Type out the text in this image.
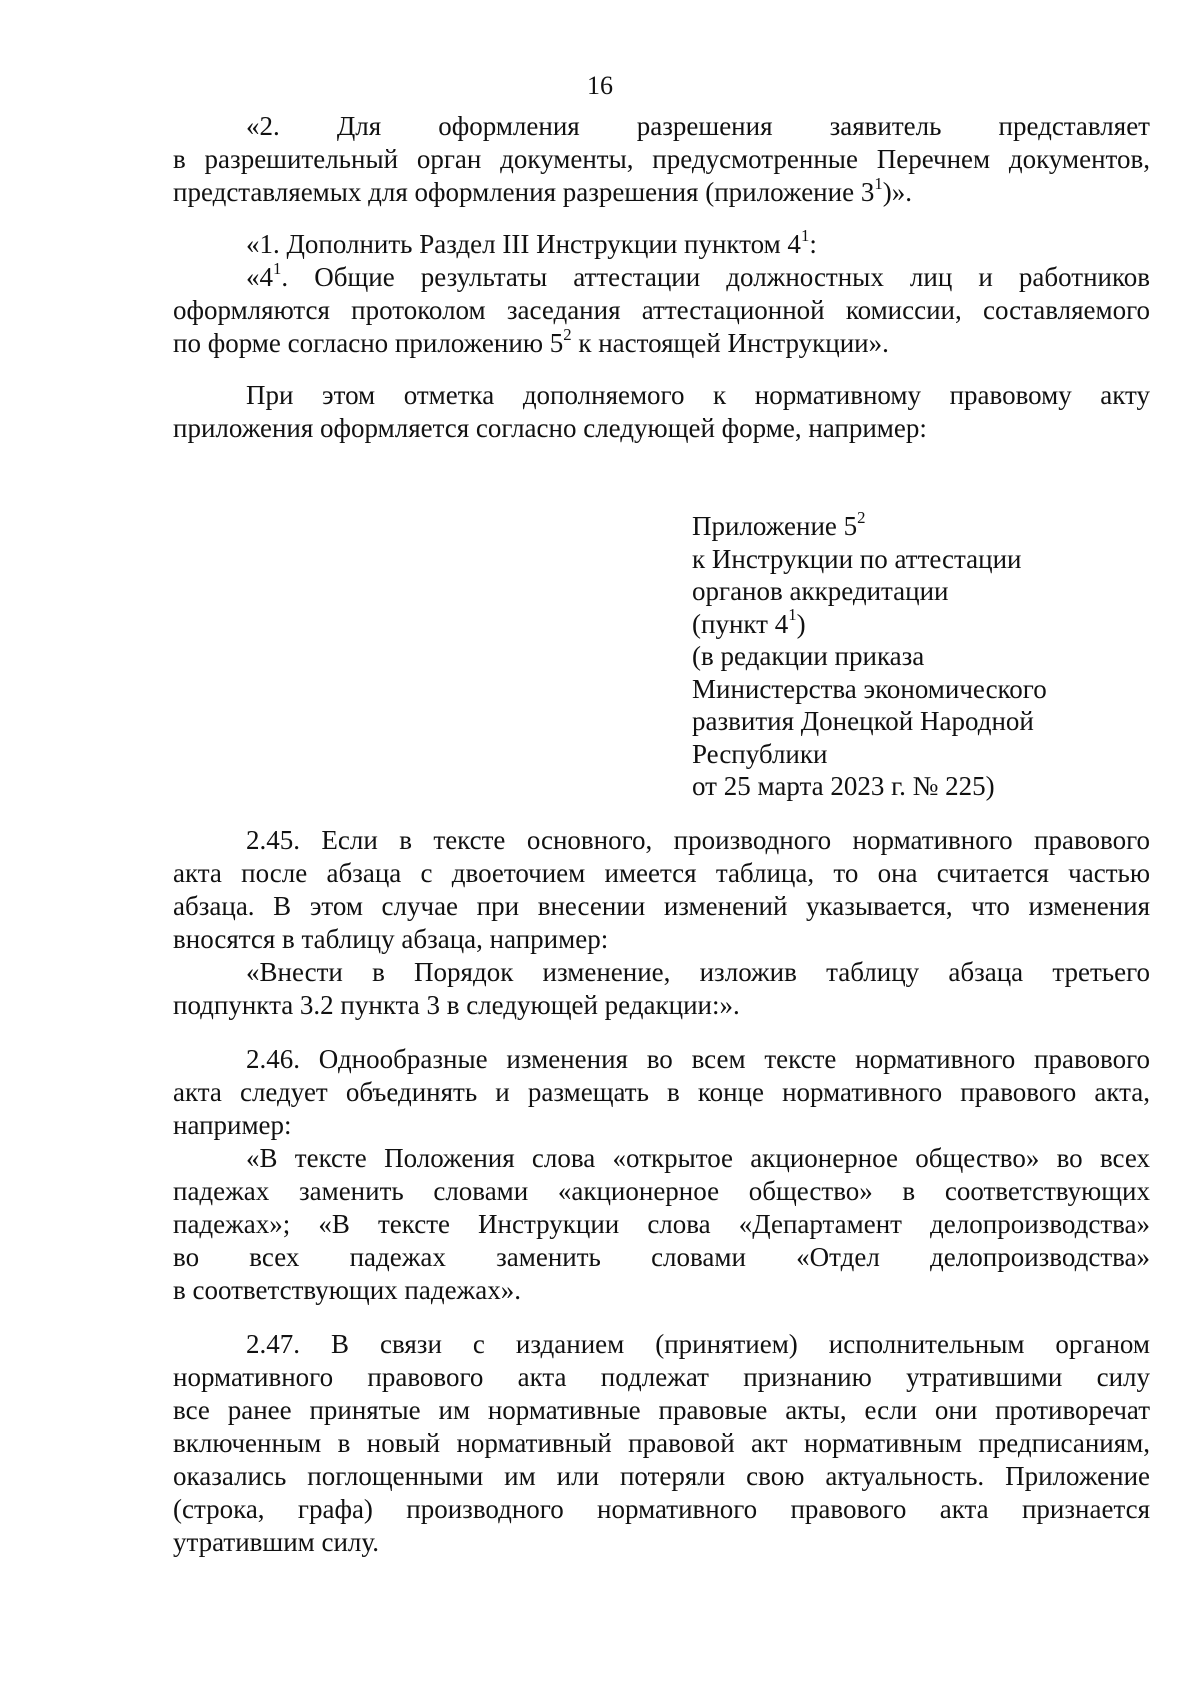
16
«2. Для оформления разрешения заявитель представляет
в разрешительный орган документы, предусмотренные Перечнем документов,
представляемых для оформления разрешения (приложение $3^1$)».
«1. Дополнить Раздел III Инструкции пунктом $4^1$:
«$4^1$. Общие результаты аттестации должностных лиц и работников
оформляются протоколом заседания аттестационной комиссии, составляемого
по форме согласно приложению $5^2$ к настоящей Инструкции».
При этом отметка дополняемого к нормативному правовому акту
приложения оформляется согласно следующей форме, например:
Приложение $5^2$
к Инструкции по аттестации
органов аккредитации
(пункт $4^1$)
(в редакции приказа
Министерства экономического
развития Донецкой Народной
Республики
от 25 марта 2023 г. № 225)
2.45. Если в тексте основного, производного нормативного правового
акта после абзаца с двоеточием имеется таблица, то она считается частью
абзаца. В этом случае при внесении изменений указывается, что изменения
вносятся в таблицу абзаца, например:
«Внести в Порядок изменение, изложив таблицу абзаца третьего
подпункта 3.2 пункта 3 в следующей редакции:».
2.46. Однообразные изменения во всем тексте нормативного правового
акта следует объединять и размещать в конце нормативного правового акта,
например:
«В тексте Положения слова «открытое акционерное общество» во всех
падежах заменить словами «акционерное общество» в соответствующих
падежах»; «В тексте Инструкции слова «Департамент делопроизводства»
во всех падежах заменить словами «Отдел делопроизводства»
в соответствующих падежах».
2.47. В связи с изданием (принятием) исполнительным органом
нормативного правового акта подлежат признанию утратившими силу
все ранее принятые им нормативные правовые акты, если они противоречат
включенным в новый нормативный правовой акт нормативным предписаниям,
оказались поглощенными им или потеряли свою актуальность. Приложение
(строка, графа) производного нормативного правового акта признается
утратившим силу.
